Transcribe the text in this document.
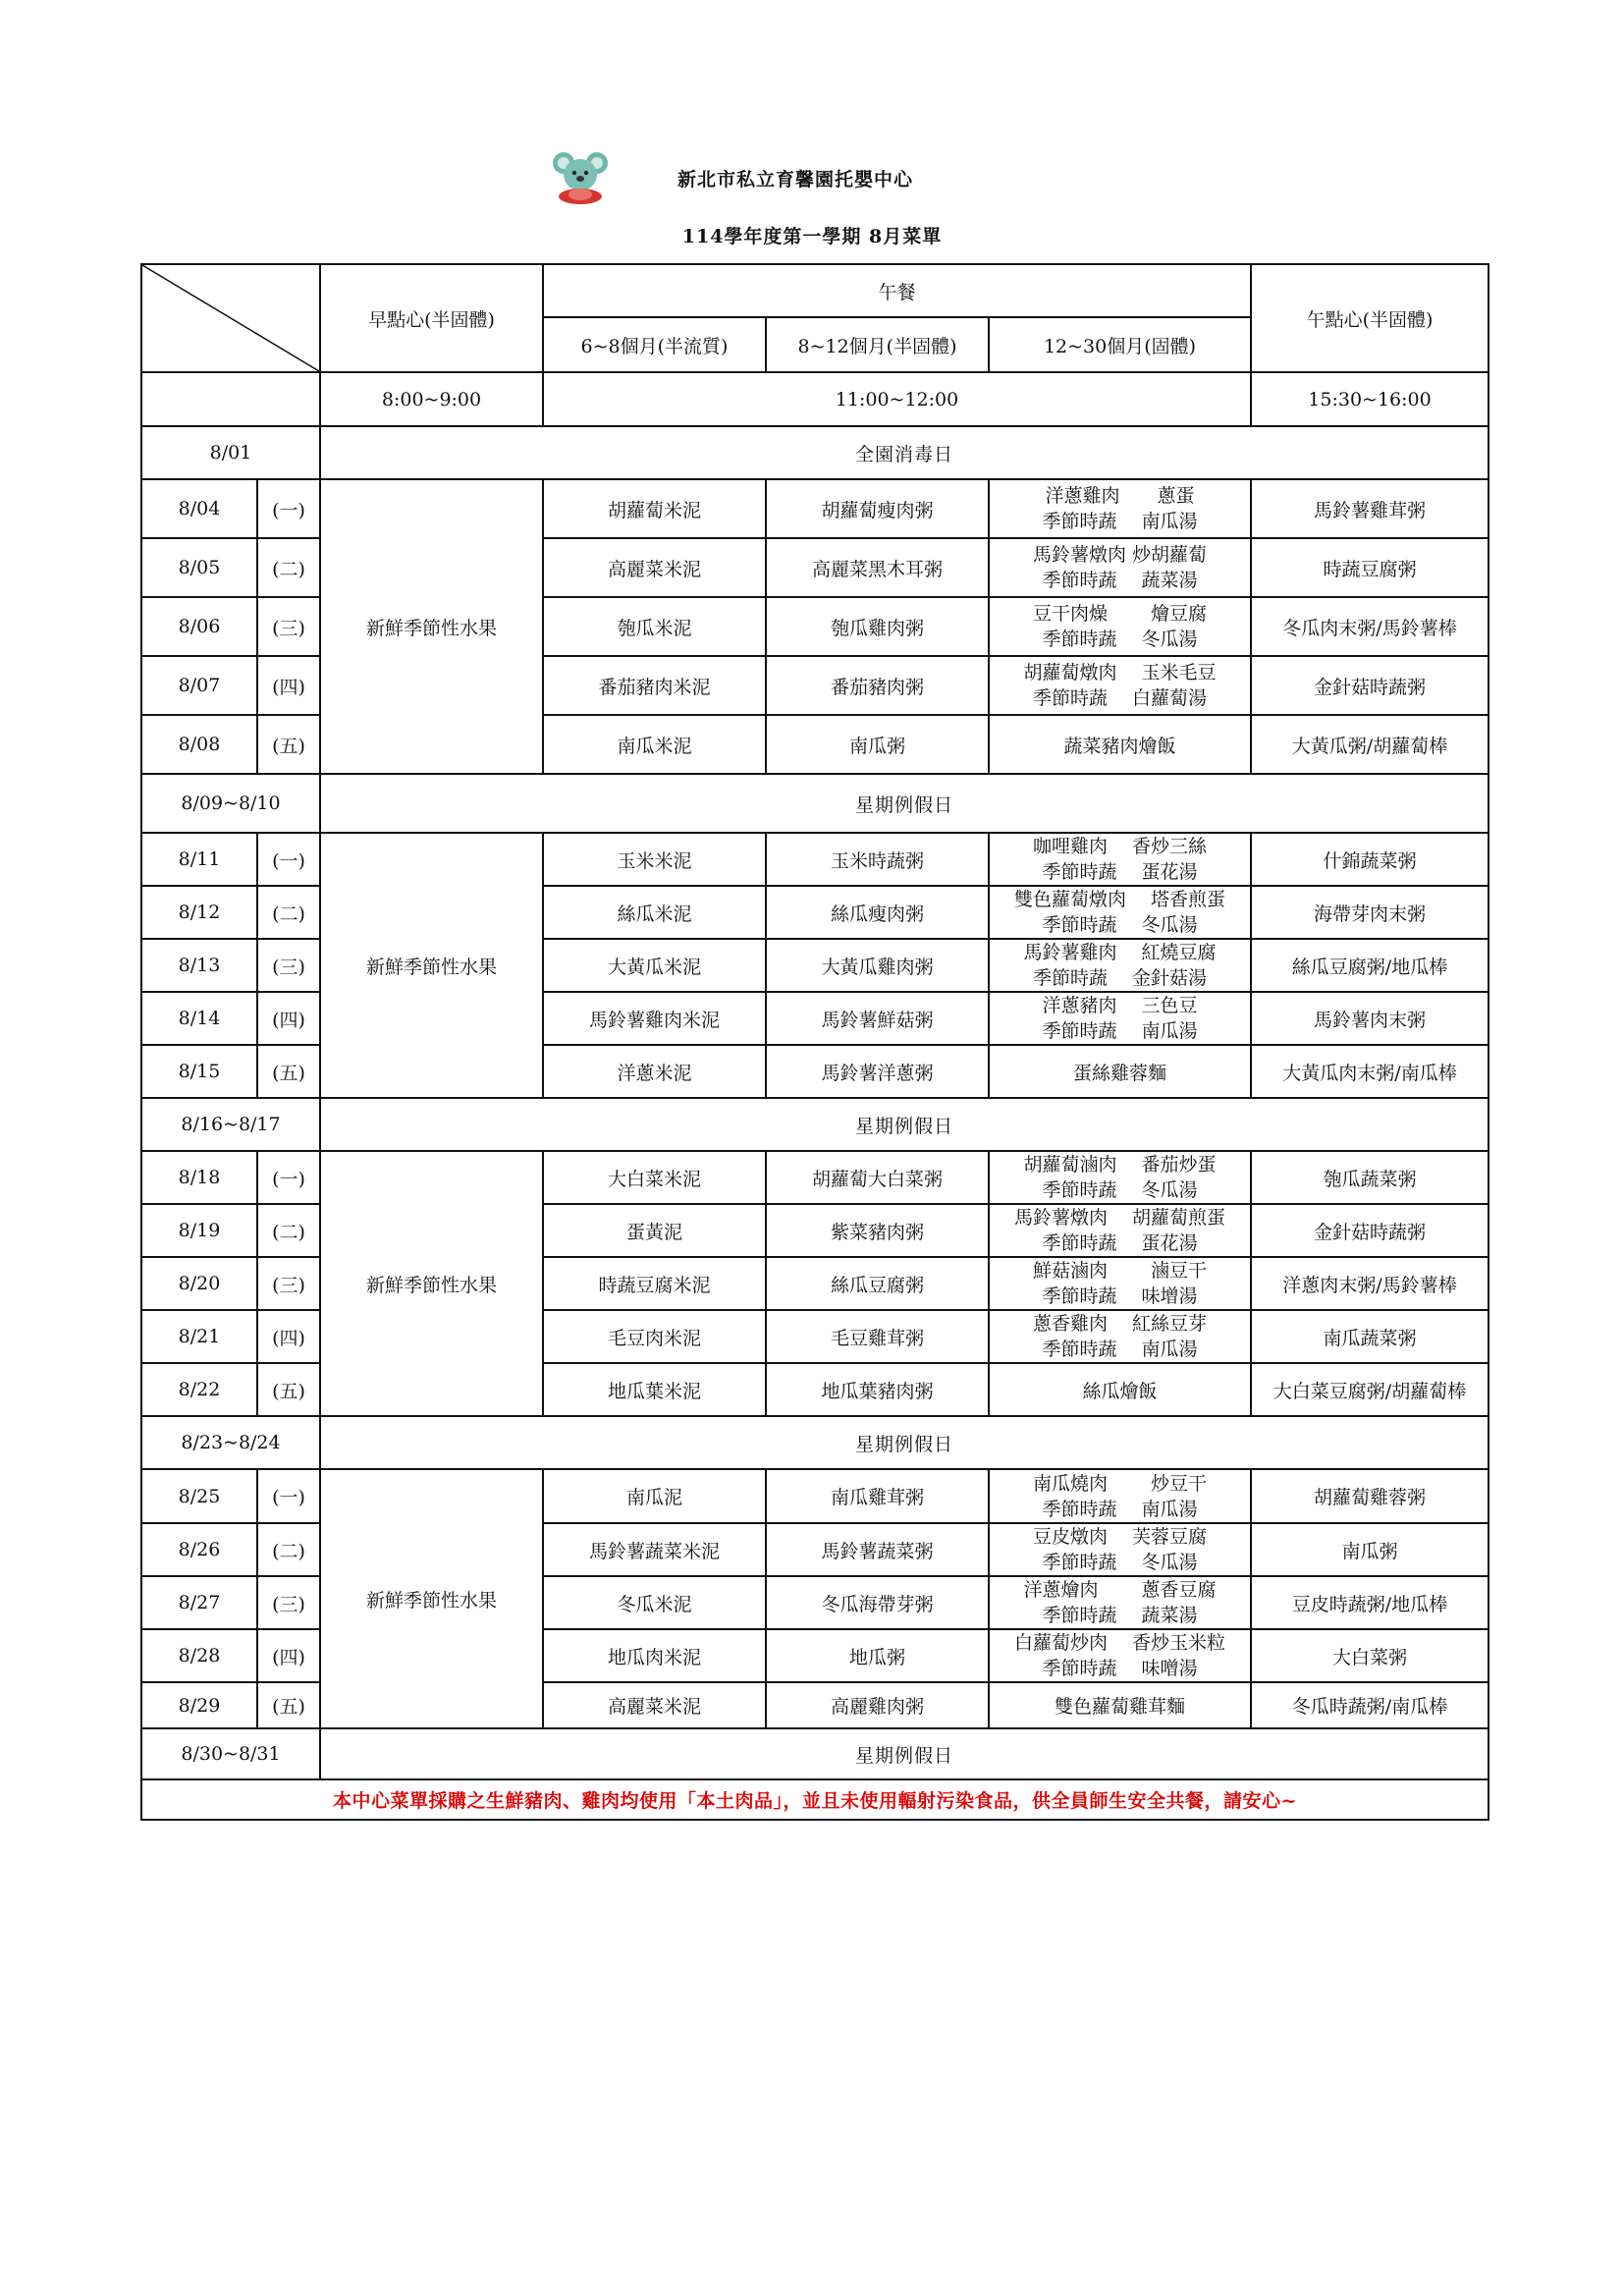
新北市私立育馨園托嬰中心
114學年度第一學期 8月菜單
	早點心(半固體)	午餐			午點心(半固體)
			6~8個月(半流質)	8~12個月(半固體)	12~30個月(固體)	
		8:00~9:00	11:00~12:00			15:30~16:00
8/01		全園消毒日				
8/04	(一)	新鮮季節性水果	胡蘿蔔米泥	胡蘿蔔瘦肉粥	洋蔥雞肉　　蔥蛋
季節時蔬　 南瓜湯	馬鈴薯雞茸粥
8/05	(二)		高麗菜米泥	高麗菜黑木耳粥	馬鈴薯燉肉 炒胡蘿蔔
季節時蔬　 蔬菜湯	時蔬豆腐粥
8/06	(三)		匏瓜米泥	匏瓜雞肉粥	豆干肉燥　　 燴豆腐
季節時蔬　 冬瓜湯	冬瓜肉末粥/馬鈴薯棒
8/07	(四)		番茄豬肉米泥	番茄豬肉粥	胡蘿蔔燉肉　 玉米毛豆
季節時蔬　 白蘿蔔湯	金針菇時蔬粥
8/08	(五)		南瓜米泥	南瓜粥	蔬菜豬肉燴飯	大黃瓜粥/胡蘿蔔棒
8/09~8/10		星期例假日				
8/11	(一)	新鮮季節性水果	玉米米泥	玉米時蔬粥	咖哩雞肉　 香炒三絲
季節時蔬　 蛋花湯	什錦蔬菜粥
8/12	(二)		絲瓜米泥	絲瓜瘦肉粥	雙色蘿蔔燉肉　 塔香煎蛋
季節時蔬　 冬瓜湯	海帶芽肉末粥
8/13	(三)		大黃瓜米泥	大黃瓜雞肉粥	馬鈴薯雞肉　 紅燒豆腐
季節時蔬　 金針菇湯	絲瓜豆腐粥/地瓜棒
8/14	(四)		馬鈴薯雞肉米泥	馬鈴薯鮮菇粥	洋蔥豬肉　 三色豆
季節時蔬　 南瓜湯	馬鈴薯肉末粥
8/15	(五)		洋蔥米泥	馬鈴薯洋蔥粥	蛋絲雞蓉麵	大黃瓜肉末粥/南瓜棒
8/16~8/17		星期例假日				
8/18	(一)	新鮮季節性水果	大白菜米泥	胡蘿蔔大白菜粥	胡蘿蔔滷肉　 番茄炒蛋
季節時蔬　 冬瓜湯	匏瓜蔬菜粥
8/19	(二)		蛋黃泥	紫菜豬肉粥	馬鈴薯燉肉　 胡蘿蔔煎蛋
季節時蔬　 蛋花湯	金針菇時蔬粥
8/20	(三)		時蔬豆腐米泥	絲瓜豆腐粥	鮮菇滷肉　　 滷豆干
季節時蔬　 味增湯	洋蔥肉末粥/馬鈴薯棒
8/21	(四)		毛豆肉米泥	毛豆雞茸粥	蔥香雞肉　 紅絲豆芽
季節時蔬　 南瓜湯	南瓜蔬菜粥
8/22	(五)		地瓜葉米泥	地瓜葉豬肉粥	絲瓜燴飯	大白菜豆腐粥/胡蘿蔔棒
8/23~8/24		星期例假日				
8/25	(一)	新鮮季節性水果	南瓜泥	南瓜雞茸粥	南瓜燒肉　　 炒豆干
季節時蔬　 南瓜湯	胡蘿蔔雞蓉粥
8/26	(二)		馬鈴薯蔬菜米泥	馬鈴薯蔬菜粥	豆皮燉肉　 芙蓉豆腐
季節時蔬　 冬瓜湯	南瓜粥
8/27	(三)		冬瓜米泥	冬瓜海帶芽粥	洋蔥燴肉　　 蔥香豆腐
季節時蔬　 蔬菜湯	豆皮時蔬粥/地瓜棒
8/28	(四)		地瓜肉米泥	地瓜粥	白蘿蔔炒肉　 香炒玉米粒
季節時蔬　 味噌湯	大白菜粥
8/29	(五)		高麗菜米泥	高麗雞肉粥	雙色蘿蔔雞茸麵	冬瓜時蔬粥/南瓜棒
8/30~8/31		星期例假日				
本中心菜單採購之生鮮豬肉、雞肉均使用「本土肉品」，並且未使用輻射污染食品，供全員師生安全共餐，請安心~						
